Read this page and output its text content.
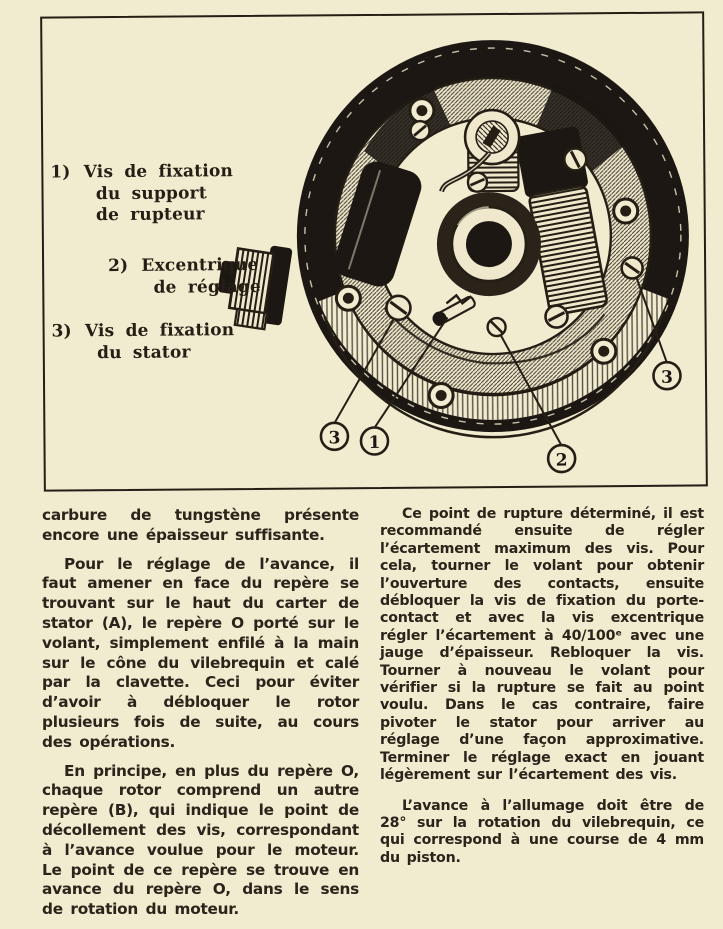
3 1
2
3
1) Vis de fixation
du support
de rupteur
2) Excentrique
de réglage
3) Vis de fixation
du stator

carbure de tungstène présente encore une épaisseur suffisante.

Pour le réglage de l’avance, il faut amener en face du repère se trouvant sur le haut du carter de stator (A), le repère O porté sur le volant, simplement enfilé à la main sur le cône du vilebrequin et calé par la clavette. Ceci pour éviter d’avoir à débloquer le rotor plusieurs fois de suite, au cours des opérations.

En principe, en plus du repère O, chaque rotor comprend un autre repère (B), qui indique le point de décollement des vis, correspondant à l’avance voulue pour le moteur. Le point de ce repère se trouve en avance du repère O, dans le sens de rotation du moteur.

Ce point de rupture déterminé, il est recommandé ensuite de régler l’écartement maximum des vis. Pour cela, tourner le volant pour obtenir l’ouverture des contacts, ensuite débloquer la vis de fixation du porte-contact et avec la vis excentrique régler l’écartement à 40/100ᵉ avec une jauge d’épaisseur. Rebloquer la vis. Tourner à nouveau le volant pour vérifier si la rupture se fait au point voulu. Dans le cas contraire, faire pivoter le stator pour arriver au réglage d’une façon approximative. Terminer le réglage exact en jouant légèrement sur l’écartement des vis.

L’avance à l’allumage doit être de 28° sur la rotation du vilebrequin, ce qui correspond à une course de 4 mm du piston.
